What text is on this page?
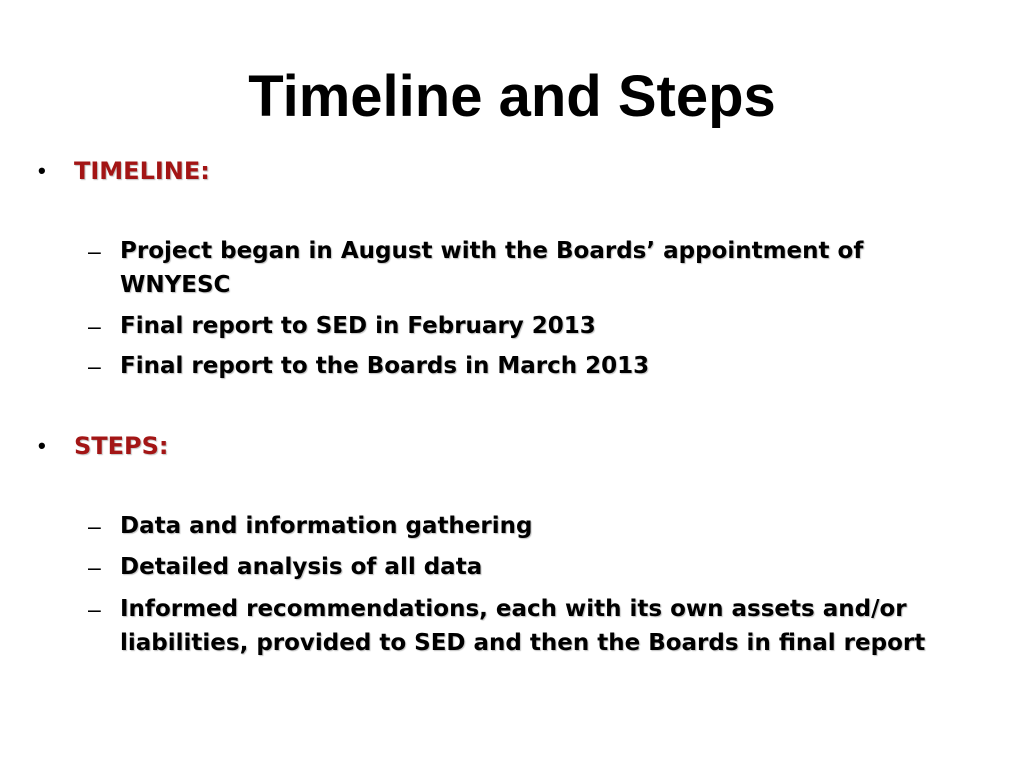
Timeline and Steps
• TIMELINE:
– Project began in August with the Boards’ appointment of WNYESC
– Final report to SED in February 2013
– Final report to the Boards in March 2013
• STEPS:
– Data and information gathering
– Detailed analysis of all data
– Informed recommendations, each with its own assets and/or liabilities, provided to SED and then the Boards in final report
